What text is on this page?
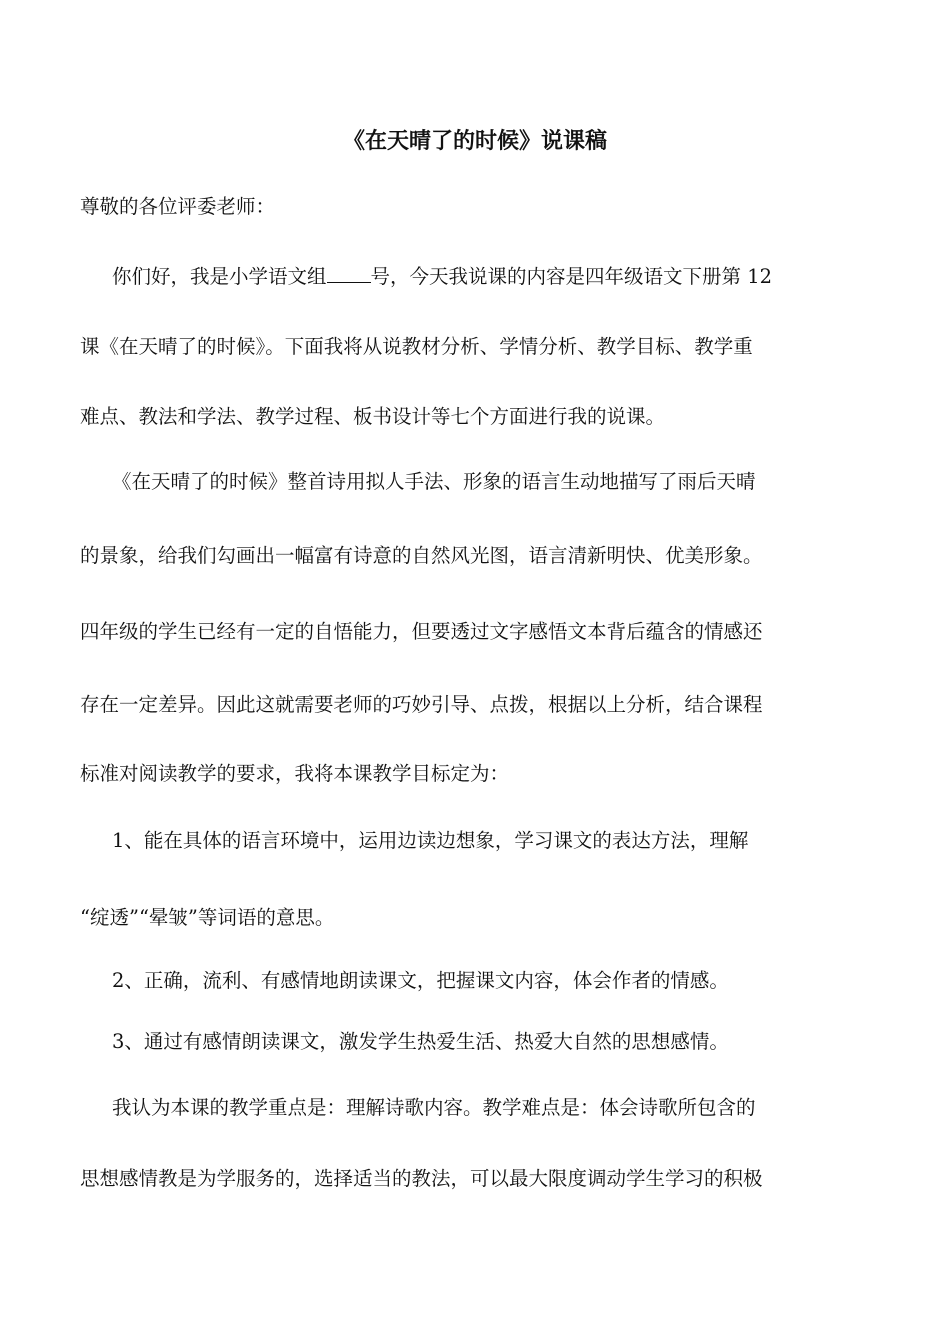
《在天晴了的时候》说课稿
尊敬的各位评委老师：
你们好，我是小学语文组 号，今天我说课的内容是四年级语文下册第 12
课《在天晴了的时候》。下面我将从说教材分析、学情分析、教学目标、教学重
难点、教法和学法、教学过程、板书设计等七个方面进行我的说课。
《在天晴了的时候》整首诗用拟人手法、形象的语言生动地描写了雨后天晴
的景象，给我们勾画出一幅富有诗意的自然风光图，语言清新明快、优美形象。
四年级的学生已经有一定的自悟能力，但要透过文字感悟文本背后蕴含的情感还
存在一定差异。因此这就需要老师的巧妙引导、点拨，根据以上分析，结合课程
标准对阅读教学的要求，我将本课教学目标定为：
1、能在具体的语言环境中，运用边读边想象，学习课文的表达方法，理解
“绽透”“晕皱”等词语的意思。
2、正确，流利、有感情地朗读课文，把握课文内容，体会作者的情感。
3、通过有感情朗读课文，激发学生热爱生活、热爱大自然的思想感情。
我认为本课的教学重点是：理解诗歌内容。教学难点是：体会诗歌所包含的
思想感情教是为学服务的，选择适当的教法，可以最大限度调动学生学习的积极
